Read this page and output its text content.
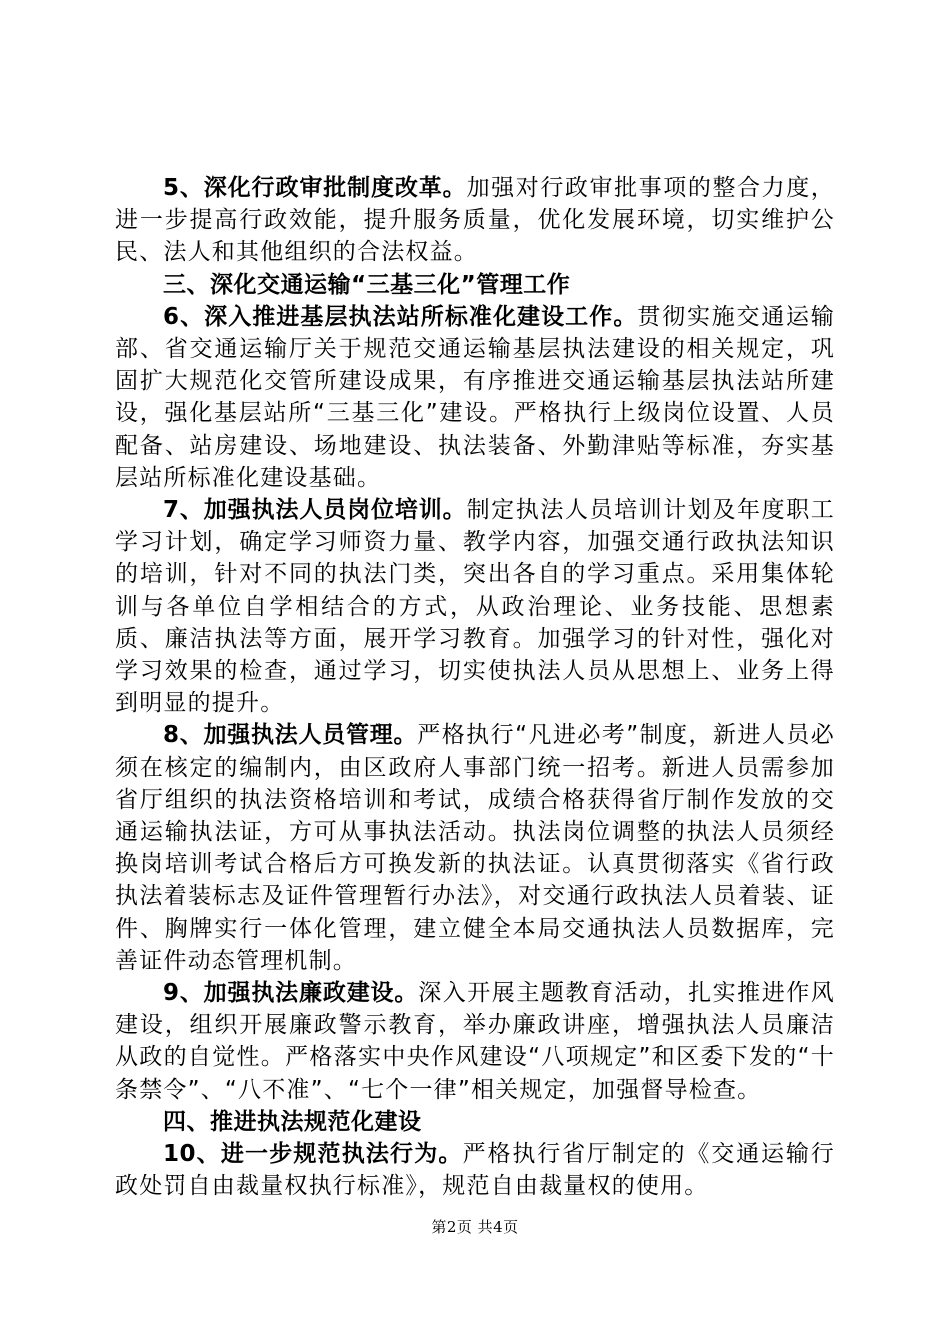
5、深化行政审批制度改革。加强对行政审批事项的整合力度，进一步提高行政效能，提升服务质量，优化发展环境，切实维护公民、法人和其他组织的合法权益。

三、深化交通运输“三基三化”管理工作

6、深入推进基层执法站所标准化建设工作。贯彻实施交通运输部、省交通运输厅关于规范交通运输基层执法建设的相关规定，巩固扩大规范化交管所建设成果，有序推进交通运输基层执法站所建设，强化基层站所“三基三化”建设。严格执行上级岗位设置、人员配备、站房建设、场地建设、执法装备、外勤津贴等标准，夯实基层站所标准化建设基础。

7、加强执法人员岗位培训。制定执法人员培训计划及年度职工学习计划，确定学习师资力量、教学内容，加强交通行政执法知识的培训，针对不同的执法门类，突出各自的学习重点。采用集体轮训与各单位自学相结合的方式，从政治理论、业务技能、思想素质、廉洁执法等方面，展开学习教育。加强学习的针对性，强化对学习效果的检查，通过学习，切实使执法人员从思想上、业务上得到明显的提升。

8、加强执法人员管理。严格执行“凡进必考”制度，新进人员必须在核定的编制内，由区政府人事部门统一招考。新进人员需参加省厅组织的执法资格培训和考试，成绩合格获得省厅制作发放的交通运输执法证，方可从事执法活动。执法岗位调整的执法人员须经换岗培训考试合格后方可换发新的执法证。认真贯彻落实《省行政执法着装标志及证件管理暂行办法》，对交通行政执法人员着装、证件、胸牌实行一体化管理，建立健全本局交通执法人员数据库，完善证件动态管理机制。

9、加强执法廉政建设。深入开展主题教育活动，扎实推进作风建设，组织开展廉政警示教育，举办廉政讲座，增强执法人员廉洁从政的自觉性。严格落实中央作风建设“八项规定”和区委下发的“十条禁令”、“八不准”、“七个一律”相关规定，加强督导检查。

四、推进执法规范化建设

10、进一步规范执法行为。严格执行省厅制定的《交通运输行政处罚自由裁量权执行标准》，规范自由裁量权的使用。

第2页 共4页
